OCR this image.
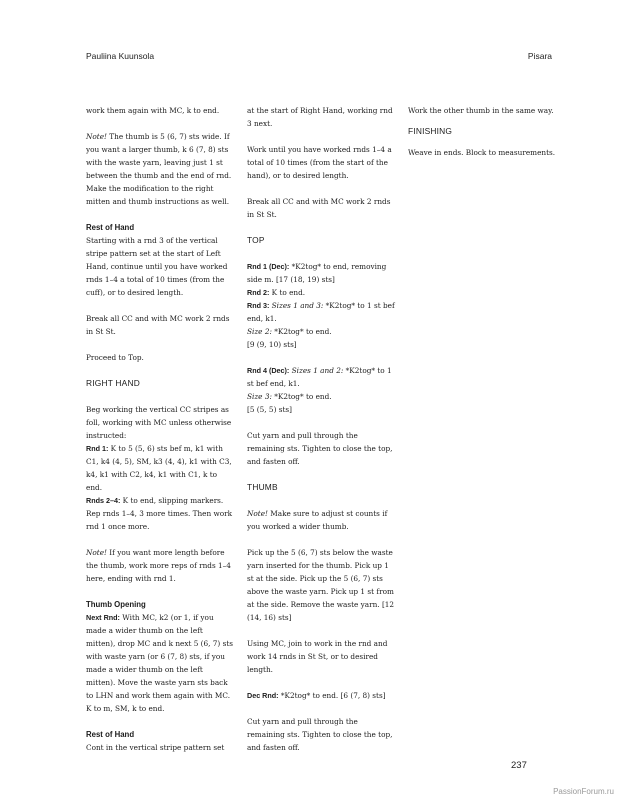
Pauliina Kuunsola	Pisara

work them again with MC, k to end.

Note! The thumb is 5 (6, 7) sts wide. If you want a larger thumb, k 6 (7, 8) sts with the waste yarn, leaving just 1 st between the thumb and the end of rnd. Make the modification to the right mitten and thumb instructions as well.

Rest of Hand

Starting with a rnd 3 of the vertical stripe pattern set at the start of Left Hand, continue until you have worked rnds 1–4 a total of 10 times (from the cuff), or to desired length.

Break all CC and with MC work 2 rnds in St St.

Proceed to Top.

RIGHT HAND

Beg working the vertical CC stripes as foll, working with MC unless otherwise instructed:

Rnd 1: K to 5 (5, 6) sts bef m, k1 with C1, k4 (4, 5), SM, k3 (4, 4), k1 with C3, k4, k1 with C2, k4, k1 with C1, k to end.

Rnds 2–4: K to end, slipping markers. Rep rnds 1–4, 3 more times. Then work rnd 1 once more.

Note! If you want more length before the thumb, work more reps of rnds 1–4 here, ending with rnd 1.

Thumb Opening

Next Rnd: With MC, k2 (or 1, if you made a wider thumb on the left mitten), drop MC and k next 5 (6, 7) sts with waste yarn (or 6 (7, 8) sts, if you made a wider thumb on the left mitten). Move the waste yarn sts back to LHN and work them again with MC. K to m, SM, k to end.

Rest of Hand

Cont in the vertical stripe pattern set

at the start of Right Hand, working rnd 3 next.

Work until you have worked rnds 1–4 a total of 10 times (from the start of the hand), or to desired length.

Break all CC and with MC work 2 rnds in St St.

TOP

Rnd 1 (Dec): *K2tog* to end, removing side m. [17 (18, 19) sts]

Rnd 2: K to end.

Rnd 3: Sizes 1 and 3: *K2tog* to 1 st bef end, k1.

Size 2: *K2tog* to end.

[9 (9, 10) sts]

Rnd 4 (Dec): Sizes 1 and 2: *K2tog* to 1 st bef end, k1.

Size 3: *K2tog* to end.

[5 (5, 5) sts]

Cut yarn and pull through the remaining sts. Tighten to close the top, and fasten off.

THUMB

Note! Make sure to adjust st counts if you worked a wider thumb.

Pick up the 5 (6, 7) sts below the waste yarn inserted for the thumb. Pick up 1 st at the side. Pick up the 5 (6, 7) sts above the waste yarn. Pick up 1 st from at the side. Remove the waste yarn. [12 (14, 16) sts]

Using MC, join to work in the rnd and work 14 rnds in St St, or to desired length.

Dec Rnd: *K2tog* to end. [6 (7, 8) sts]

Cut yarn and pull through the remaining sts. Tighten to close the top, and fasten off.

Work the other thumb in the same way.

FINISHING

Weave in ends. Block to measurements.

237
PassionForum.ru
